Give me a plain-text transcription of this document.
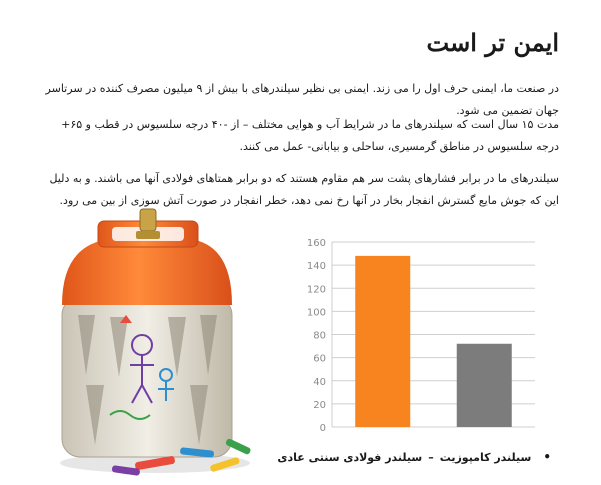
ایمن تر است

در صنعت ما، ایمنی حرف اول را می زند. ایمنی بی نظیر سیلندرهای با بیش از ۹ میلیون مصرف کننده در سرتاسر جهان تضمین می شود.

مدت ۱۵ سال است که سیلندرهای ما در شرایط آب و هوایی مختلف – از -۴۰ درجه سلسیوس در قطب و ۶۵+ درجه سلسیوس در مناطق گرمسیری، ساحلی و بیابانی- عمل می کنند.

سیلندرهای ما در برابر فشارهای پشت سر هم مقاوم هستند که دو برابر همتاهای فولادی آنها می باشند. و به دلیل این که جوش مایع گسترش انفجار بخار در آنها رخ نمی دهد، خطر انفجار در صورت آتش سوزی از بین می رود.

0
20
40
60
80
100
120
140
160
•
سیلندر کامپوزیت
–
سیلندر فولادی سنتی عادی
